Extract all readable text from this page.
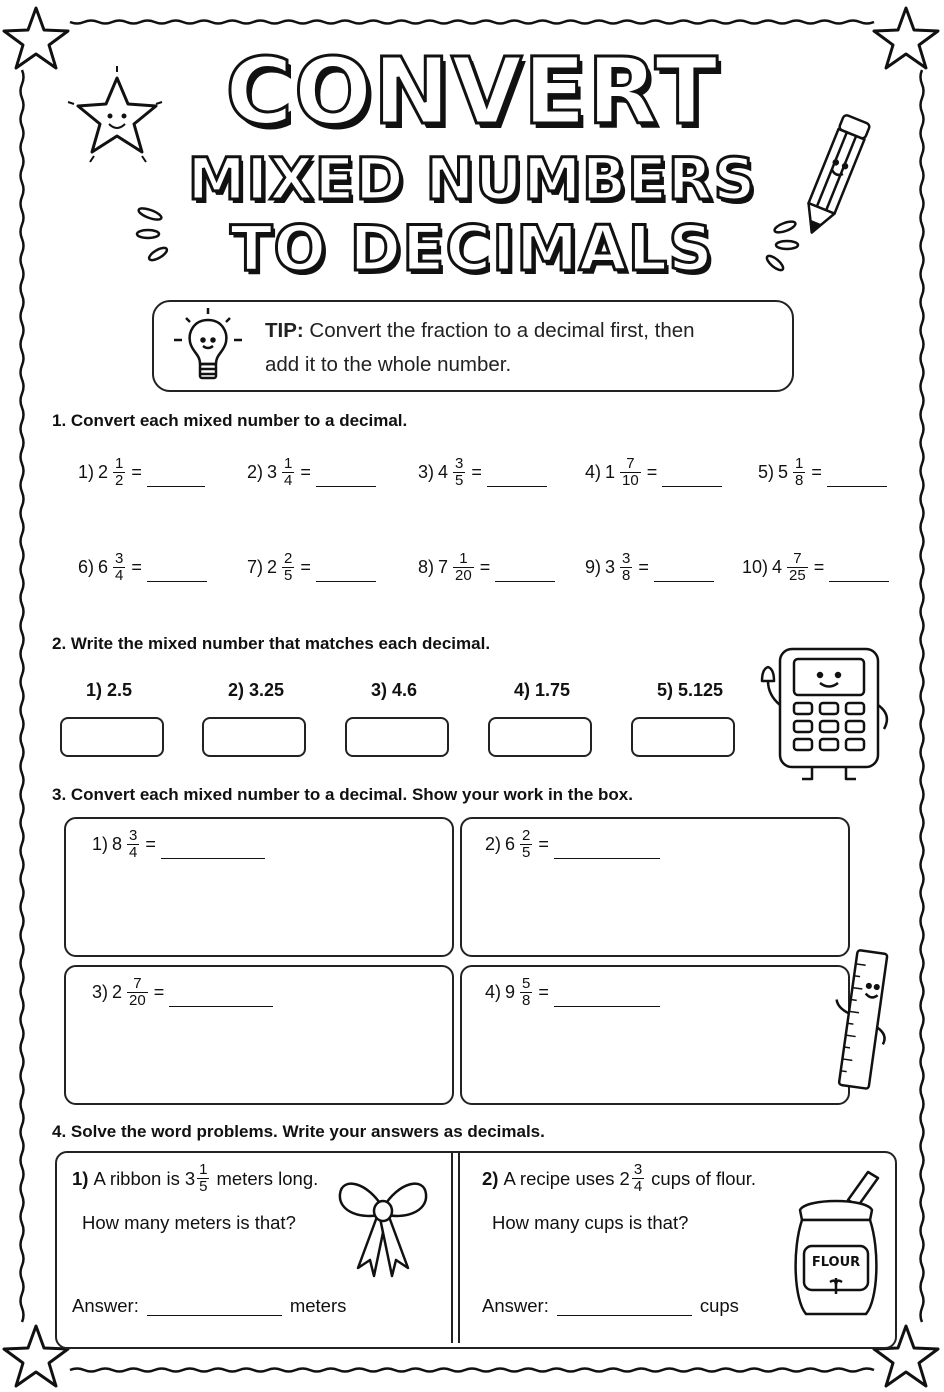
CONVERT
MIXED NUMBERS
TO DECIMALS
TIP: Convert the fraction to a decimal first, then
add it to the whole number.
1. Convert each mixed number to a decimal.
1) $2 \frac{1}{2}$ =	2) $3 \frac{1}{4}$ =	3) $4 \frac{3}{5}$ =	4) $1 \frac{7}{10}$ =	5) $5 \frac{1}{8}$ =
6) $6 \frac{3}{4}$ =	7) $2 \frac{2}{5}$ =	8) $7 \frac{1}{20}$ =	9) $3 \frac{3}{8}$ =	10) $4 \frac{7}{25}$ =
2. Write the mixed number that matches each decimal.
1) 2.5	2) 3.25	3) 4.6	4) 1.75	5) 5.125
3. Convert each mixed number to a decimal. Show your work in the box.
1) $8 \frac{3}{4}$ =	2) $6 \frac{2}{5}$ =
3) $2 \frac{7}{20}$ =	4) $9 \frac{5}{8}$ =
4. Solve the word problems. Write your answers as decimals.
1) A ribbon is $3 \frac{1}{5}$ meters long.
How many meters is that?
Answer:	meters
2) A recipe uses $2 \frac{3}{4}$ cups of flour.
How many cups is that?
Answer:	cups
FLOUR
